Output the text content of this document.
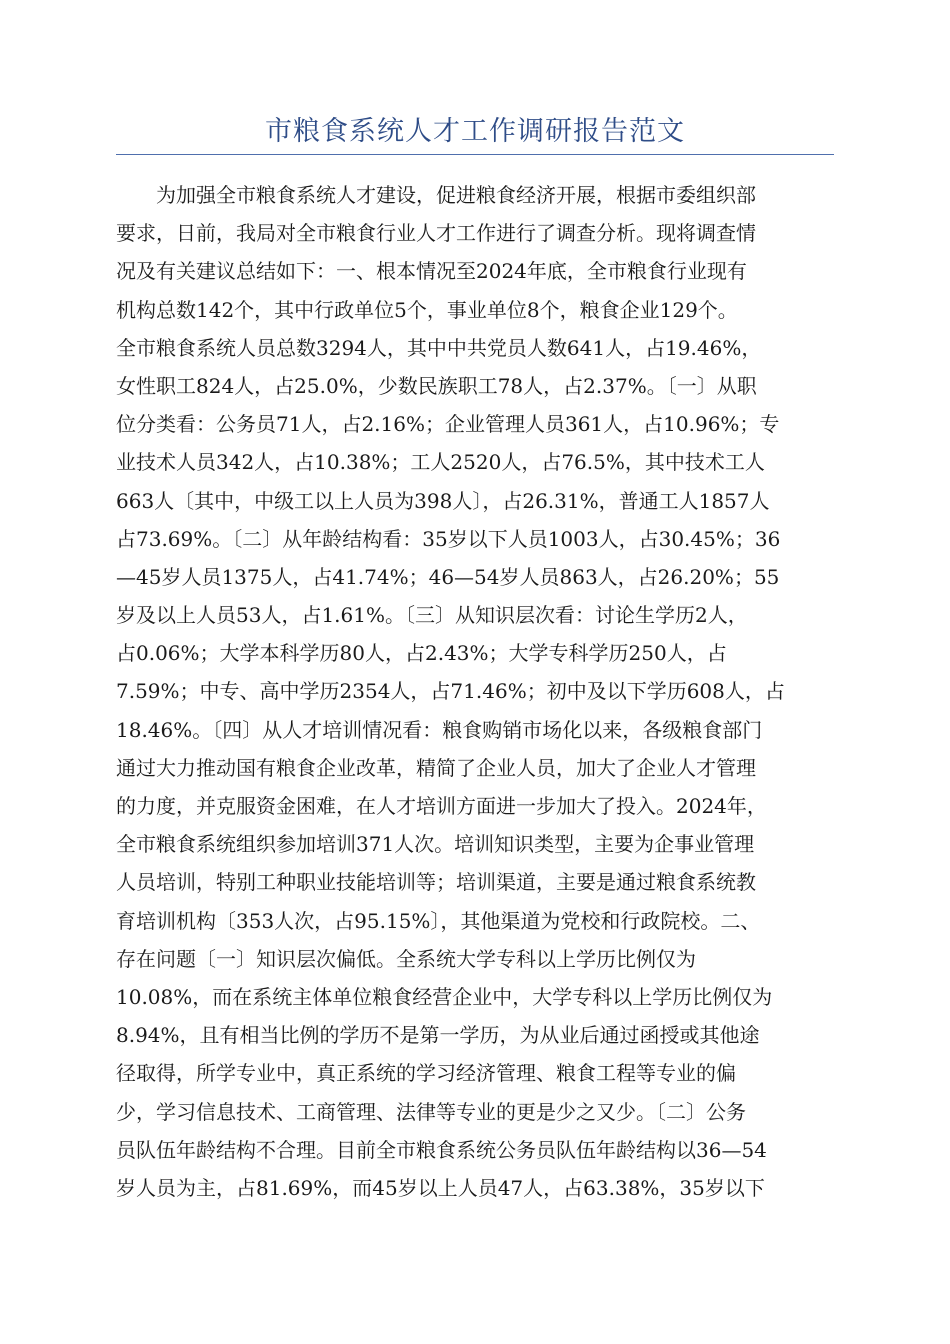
市粮食系统人才工作调研报告范文
为加强全市粮食系统人才建设，促进粮食经济开展，根据市委组织部
要求，日前，我局对全市粮食行业人才工作进行了调查分析。现将调查情
况及有关建议总结如下：一、根本情况至2024年底，全市粮食行业现有
机构总数142个，其中行政单位5个，事业单位8个，粮食企业129个。
全市粮食系统人员总数3294人，其中中共党员人数641人，占19.46%，
女性职工824人，占25.0%，少数民族职工78人，占2.37%。〔一〕从职
位分类看：公务员71人，占2.16%；企业管理人员361人，占10.96%；专
业技术人员342人，占10.38%；工人2520人，占76.5%，其中技术工人
663人〔其中，中级工以上人员为398人〕，占26.31%，普通工人1857人
占73.69%。〔二〕从年龄结构看：35岁以下人员1003人，占30.45%；36
—45岁人员1375人，占41.74%；46—54岁人员863人，占26.20%；55
岁及以上人员53人，占1.61%。〔三〕从知识层次看：讨论生学历2人，
占0.06%；大学本科学历80人，占2.43%；大学专科学历250人，占
7.59%；中专、高中学历2354人，占71.46%；初中及以下学历608人，占
18.46%。〔四〕从人才培训情况看：粮食购销市场化以来，各级粮食部门
通过大力推动国有粮食企业改革，精简了企业人员，加大了企业人才管理
的力度，并克服资金困难，在人才培训方面进一步加大了投入。2024年，
全市粮食系统组织参加培训371人次。培训知识类型，主要为企事业管理
人员培训，特别工种职业技能培训等；培训渠道，主要是通过粮食系统教
育培训机构〔353人次，占95.15%〕，其他渠道为党校和行政院校。二、
存在问题〔一〕知识层次偏低。全系统大学专科以上学历比例仅为
10.08%，而在系统主体单位粮食经营企业中，大学专科以上学历比例仅为
8.94%，且有相当比例的学历不是第一学历，为从业后通过函授或其他途
径取得，所学专业中，真正系统的学习经济管理、粮食工程等专业的偏
少，学习信息技术、工商管理、法律等专业的更是少之又少。〔二〕公务
员队伍年龄结构不合理。目前全市粮食系统公务员队伍年龄结构以36—54
岁人员为主，占81.69%，而45岁以上人员47人，占63.38%，35岁以下
